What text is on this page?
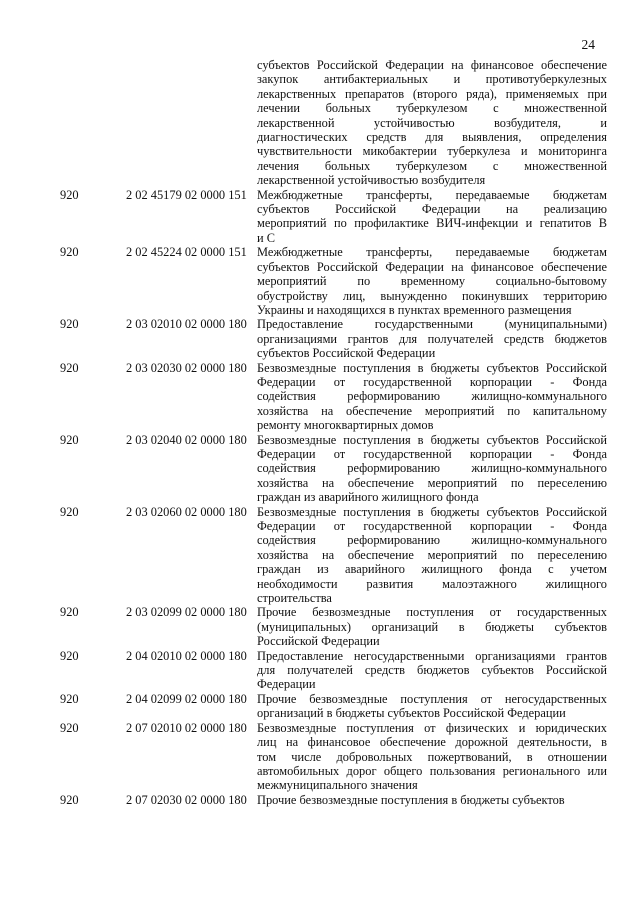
24
субъектов Российской Федерации на финансовое обеспечение
закупок антибактериальных и противотуберкулезных
лекарственных препаратов (второго ряда), применяемых при
лечении больных туберкулезом с множественной
лекарственной устойчивостью возбудителя, и
диагностических средств для выявления, определения
чувствительности микобактерии туберкулеза и мониторинга
лечения больных туберкулезом с множественной
лекарственной устойчивостью возбудителя
920	2 02 45179 02 0000 151 Межбюджетные трансферты, передаваемые бюджетам
субъектов Российской Федерации на реализацию
мероприятий по профилактике ВИЧ-инфекции и гепатитов В
и С
920	2 02 45224 02 0000 151 Межбюджетные трансферты, передаваемые бюджетам
субъектов Российской Федерации на финансовое обеспечение
мероприятий по временному социально-бытовому
обустройству лиц, вынужденно покинувших территорию
Украины и находящихся в пунктах временного размещения
920	2 03 02010 02 0000 180 Предоставление государственными (муниципальными)
организациями грантов для получателей средств бюджетов
субъектов Российской Федерации
920	2 03 02030 02 0000 180 Безвозмездные поступления в бюджеты субъектов Российской
Федерации от государственной корпорации - Фонда
содействия реформированию жилищно-коммунального
хозяйства на обеспечение мероприятий по капитальному
ремонту многоквартирных домов
920	2 03 02040 02 0000 180 Безвозмездные поступления в бюджеты субъектов Российской
Федерации от государственной корпорации - Фонда
содействия реформированию жилищно-коммунального
хозяйства на обеспечение мероприятий по переселению
граждан из аварийного жилищного фонда
920	2 03 02060 02 0000 180 Безвозмездные поступления в бюджеты субъектов Российской
Федерации от государственной корпорации - Фонда
содействия реформированию жилищно-коммунального
хозяйства на обеспечение мероприятий по переселению
граждан из аварийного жилищного фонда с учетом
необходимости развития малоэтажного жилищного
строительства
920	2 03 02099 02 0000 180 Прочие безвозмездные поступления от государственных
(муниципальных) организаций в бюджеты субъектов
Российской Федерации
920	2 04 02010 02 0000 180 Предоставление негосударственными организациями грантов
для получателей средств бюджетов субъектов Российской
Федерации
920	2 04 02099 02 0000 180 Прочие безвозмездные поступления от негосударственных
организаций в бюджеты субъектов Российской Федерации
920	2 07 02010 02 0000 180 Безвозмездные поступления от физических и юридических
лиц на финансовое обеспечение дорожной деятельности, в
том числе добровольных пожертвований, в отношении
автомобильных дорог общего пользования регионального или
межмуниципального значения
920	2 07 02030 02 0000 180 Прочие безвозмездные поступления в бюджеты субъектов
